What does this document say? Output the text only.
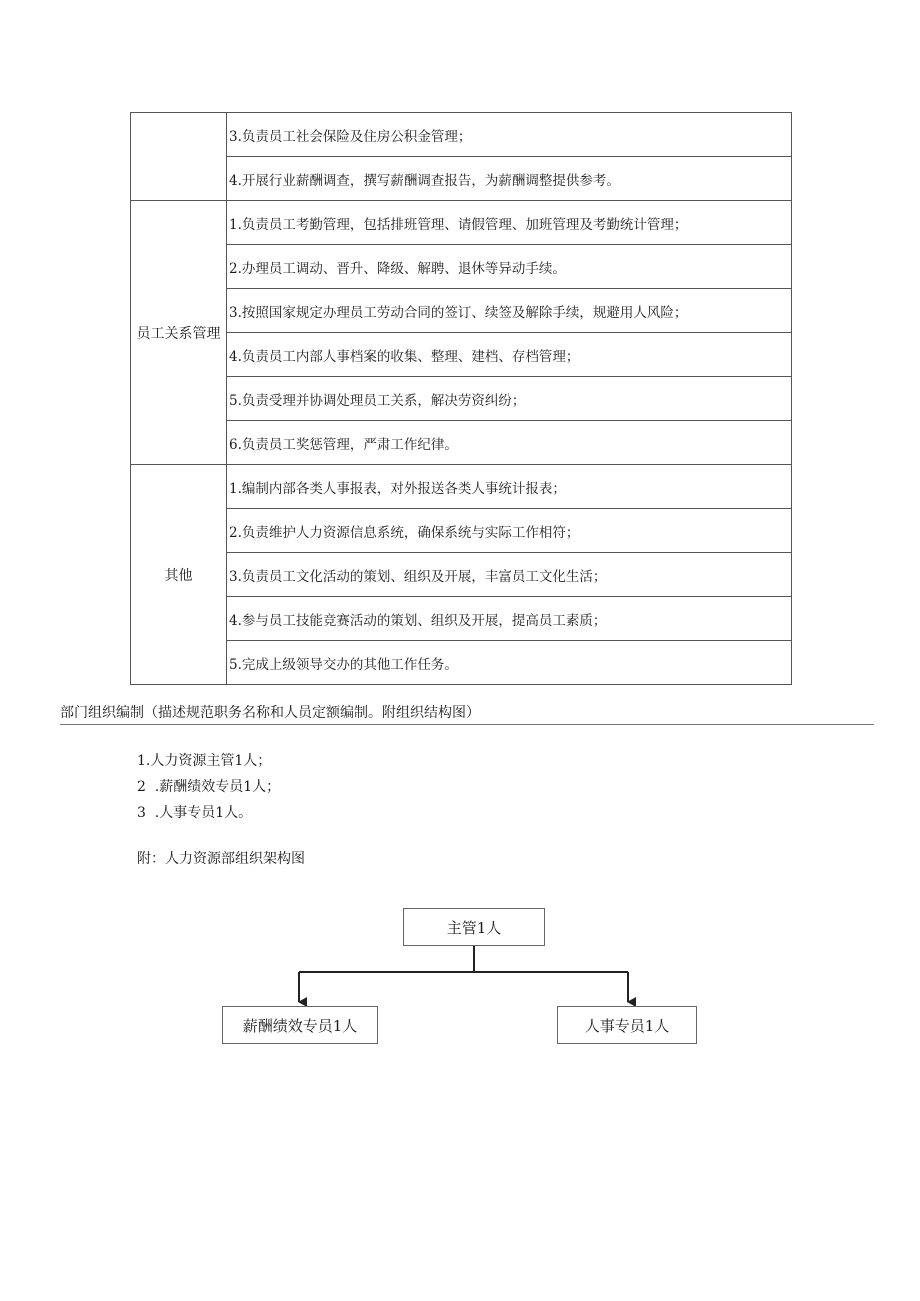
	3.负责员工社会保险及住房公积金管理；
	4.开展行业薪酬调查，撰写薪酬调查报告，为薪酬调整提供参考。
员工关系管理	1.负责员工考勤管理，包括排班管理、请假管理、加班管理及考勤统计管理；
	2.办理员工调动、晋升、降级、解聘、退休等异动手续。
	3.按照国家规定办理员工劳动合同的签订、续签及解除手续，规避用人风险；
	4.负责员工内部人事档案的收集、整理、建档、存档管理；
	5.负责受理并协调处理员工关系，解决劳资纠纷；
	6.负责员工奖惩管理，严肃工作纪律。
其他	1.编制内部各类人事报表，对外报送各类人事统计报表；
	2.负责维护人力资源信息系统，确保系统与实际工作相符；
	3.负责员工文化活动的策划、组织及开展，丰富员工文化生活；
	4.参与员工技能竞赛活动的策划、组织及开展，提高员工素质；
	5.完成上级领导交办的其他工作任务。
部门组织编制（描述规范职务名称和人员定额编制。附组织结构图）
1.人力资源主管1人；
2  .薪酬绩效专员1人；
3  .人事专员1人。
附：人力资源部组织架构图
主管1人
薪酬绩效专员1人	人事专员1人
